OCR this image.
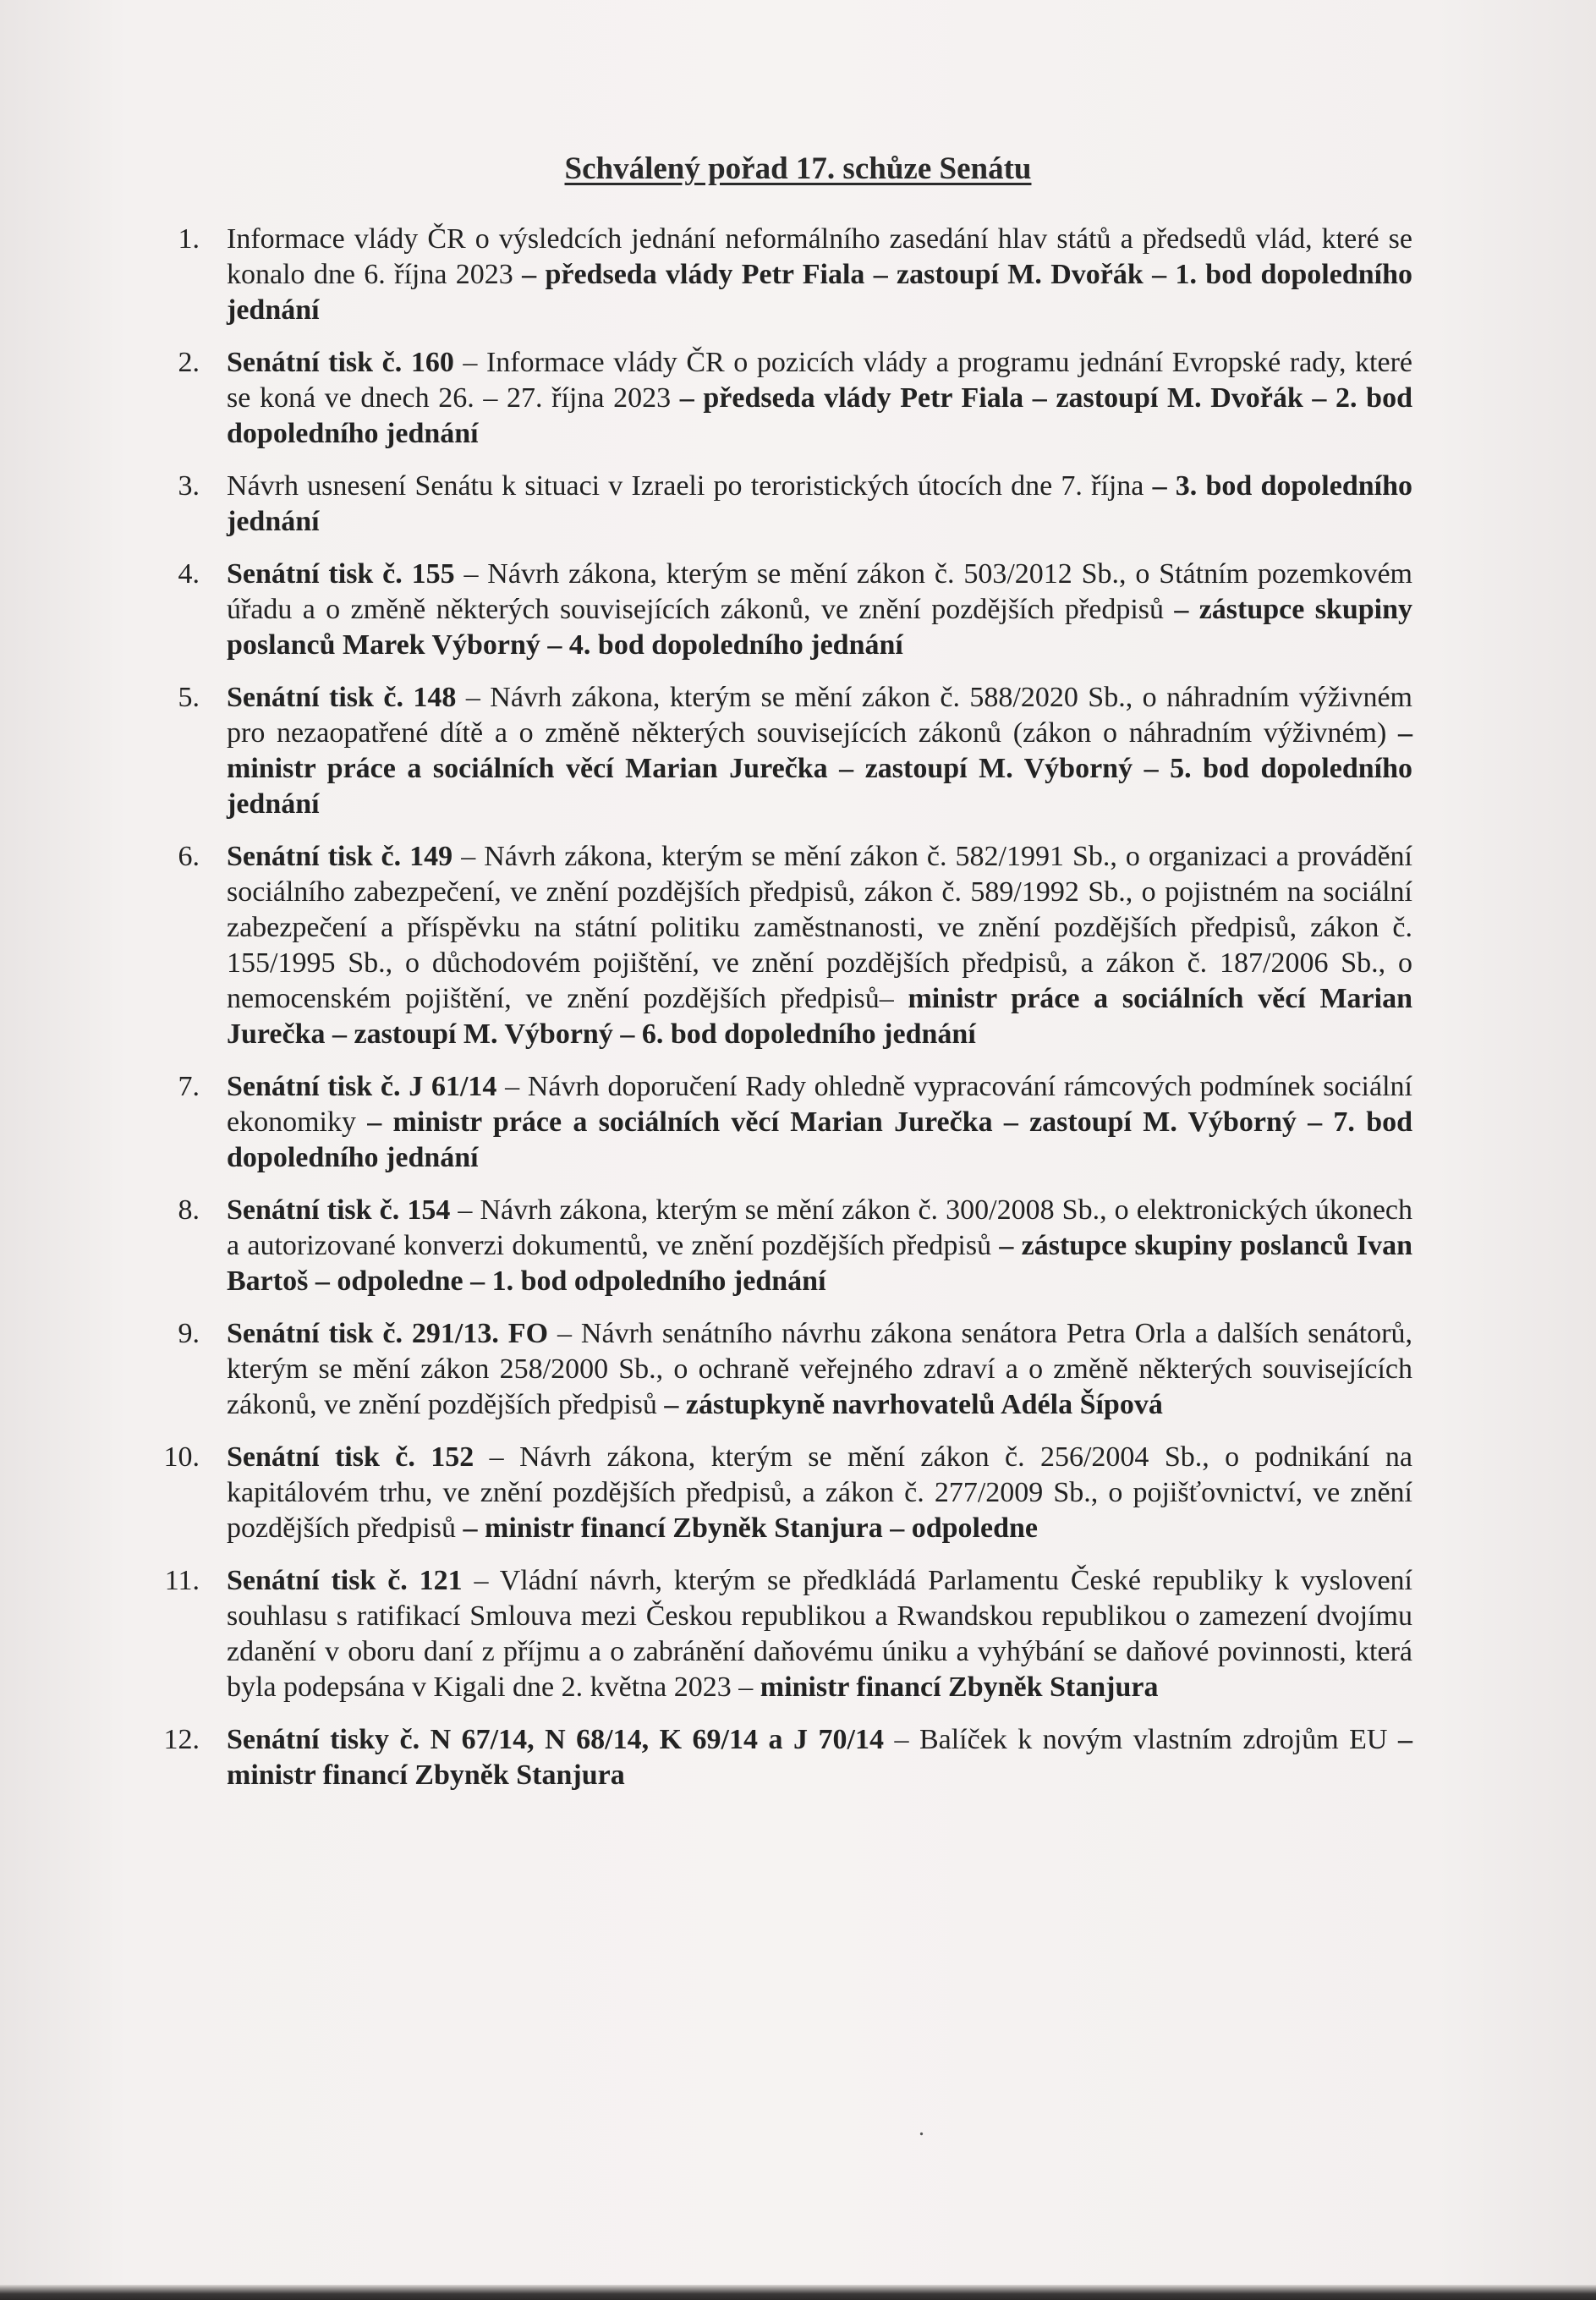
Schválený pořad 17. schůze Senátu
1. Informace vlády ČR o výsledcích jednání neformálního zasedání hlav států a předsedů vlád, které se konalo dne 6. října 2023 – předseda vlády Petr Fiala – zastoupí M. Dvořák – 1. bod dopoledního jednání
2. Senátní tisk č. 160 – Informace vlády ČR o pozicích vlády a programu jednání Evropské rady, které se koná ve dnech 26. – 27. října 2023 – předseda vlády Petr Fiala – zastoupí M. Dvořák – 2. bod dopoledního jednání
3. Návrh usnesení Senátu k situaci v Izraeli po teroristických útocích dne 7. října – 3. bod dopoledního jednání
4. Senátní tisk č. 155 – Návrh zákona, kterým se mění zákon č. 503/2012 Sb., o Státním pozemkovém úřadu a o změně některých souvisejících zákonů, ve znění pozdějších předpisů – zástupce skupiny poslanců Marek Výborný – 4. bod dopoledního jednání
5. Senátní tisk č. 148 – Návrh zákona, kterým se mění zákon č. 588/2020 Sb., o náhradním výživném pro nezaopatřené dítě a o změně některých souvisejících zákonů (zákon o náhradním výživném) – ministr práce a sociálních věcí Marian Jurečka – zastoupí M. Výborný – 5. bod dopoledního jednání
6. Senátní tisk č. 149 – Návrh zákona, kterým se mění zákon č. 582/1991 Sb., o organizaci a provádění sociálního zabezpečení, ve znění pozdějších předpisů, zákon č. 589/1992 Sb., o pojistném na sociální zabezpečení a příspěvku na státní politiku zaměstnanosti, ve znění pozdějších předpisů, zákon č. 155/1995 Sb., o důchodovém pojištění, ve znění pozdějších předpisů, a zákon č. 187/2006 Sb., o nemocenském pojištění, ve znění pozdějších předpisů– ministr práce a sociálních věcí Marian Jurečka – zastoupí M. Výborný – 6. bod dopoledního jednání
7. Senátní tisk č. J 61/14 – Návrh doporučení Rady ohledně vypracování rámcových podmínek sociální ekonomiky – ministr práce a sociálních věcí Marian Jurečka – zastoupí M. Výborný – 7. bod dopoledního jednání
8. Senátní tisk č. 154 – Návrh zákona, kterým se mění zákon č. 300/2008 Sb., o elektronických úkonech a autorizované konverzi dokumentů, ve znění pozdějších předpisů – zástupce skupiny poslanců Ivan Bartoš – odpoledne – 1. bod odpoledního jednání
9. Senátní tisk č. 291/13. FO – Návrh senátního návrhu zákona senátora Petra Orla a dalších senátorů, kterým se mění zákon 258/2000 Sb., o ochraně veřejného zdraví a o změně některých souvisejících zákonů, ve znění pozdějších předpisů – zástupkyně navrhovatelů Adéla Šípová
10. Senátní tisk č. 152 – Návrh zákona, kterým se mění zákon č. 256/2004 Sb., o podnikání na kapitálovém trhu, ve znění pozdějších předpisů, a zákon č. 277/2009 Sb., o pojišťovnictví, ve znění pozdějších předpisů – ministr financí Zbyněk Stanjura – odpoledne
11. Senátní tisk č. 121 – Vládní návrh, kterým se předkládá Parlamentu České republiky k vyslovení souhlasu s ratifikací Smlouva mezi Českou republikou a Rwandskou republikou o zamezení dvojímu zdanění v oboru daní z příjmu a o zabránění daňovému úniku a vyhýbání se daňové povinnosti, která byla podepsána v Kigali dne 2. května 2023 – ministr financí Zbyněk Stanjura
12. Senátní tisky č. N 67/14, N 68/14, K 69/14 a J 70/14 – Balíček k novým vlastním zdrojům EU – ministr financí Zbyněk Stanjura
.
